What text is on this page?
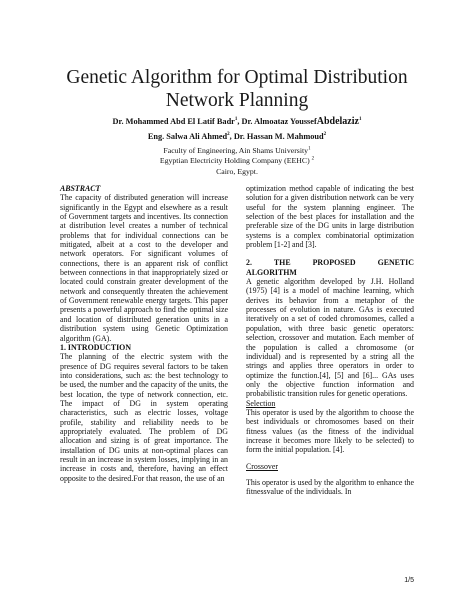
Genetic Algorithm for Optimal Distribution
Network Planning
Dr. Mohammed Abd El Latif Badr$^1$, Dr. Almoataz YoussefAbdelaziz$^1$
Eng. Salwa Ali Ahmed$^2$, Dr. Hassan M. Mahmoud$^2$
Faculty of Engineering, Ain Shams University$^1$
Egyptian Electricity Holding Company (EEHC) $^2$
Cairo, Egypt.

ABSTRACT

The capacity of distributed generation will increase significantly in the Egypt and elsewhere as a result of Government targets and incentives. Its connection at distribution level creates a number of technical problems that for individual connections can be mitigated, albeit at a cost to the developer and network operators. For significant volumes of connections, there is an apparent risk of conflict between connections in that inappropriately sized or located could constrain greater development of the network and consequently threaten the achievement of Government renewable energy targets. This paper presents a powerful approach to find the optimal size and location of distributed generation units in a distribution system using Genetic Optimization algorithm (GA).

1. INTRODUCTION

The planning of the electric system with the presence of DG requires several factors to be taken into considerations, such as: the best technology to be used, the number and the capacity of the units, the best location, the type of network connection, etc. The impact of DG in system operating characteristics, such as electric losses, voltage profile, stability and reliability needs to be appropriately evaluated. The problem of DG allocation and sizing is of great importance. The installation of DG units at non-optimal places can result in an increase in system losses, implying in an increase in costs and, therefore, having an effect opposite to the desired.For that reason, the use of an

optimization method capable of indicating the best solution for a given distribution network can be very useful for the system planning engineer. The selection of the best places for installation and the preferable size of the DG units in large distribution systems is a complex combinatorial optimization problem [1-2] and [3].

2.	THE	PROPOSED	GENETIC

ALGORITHM

A genetic algorithm developed by J.H. Holland (1975) [4] is a model of machine learning, which derives its behavior from a metaphor of the processes of evolution in nature. GAs is executed iteratively on a set of coded chromosomes, called a population, with three basic genetic operators: selection, crossover and mutation. Each member of the population is called a chromosome (or individual) and is represented by a string all the strings and applies three operators in order to optimize the function.[4], [5] and [6]... GAs uses only the objective function information and probabilistic transition rules for genetic operations.

Selection

This operator is used by the algorithm to choose the best individuals or chromosomes based on their fitness values (as the fitness of the individual increase it becomes more likely to be selected) to form the initial population. [4].

Crossover

This operator is used by the algorithm to enhance the fitnessvalue of the individuals. In

1/5
